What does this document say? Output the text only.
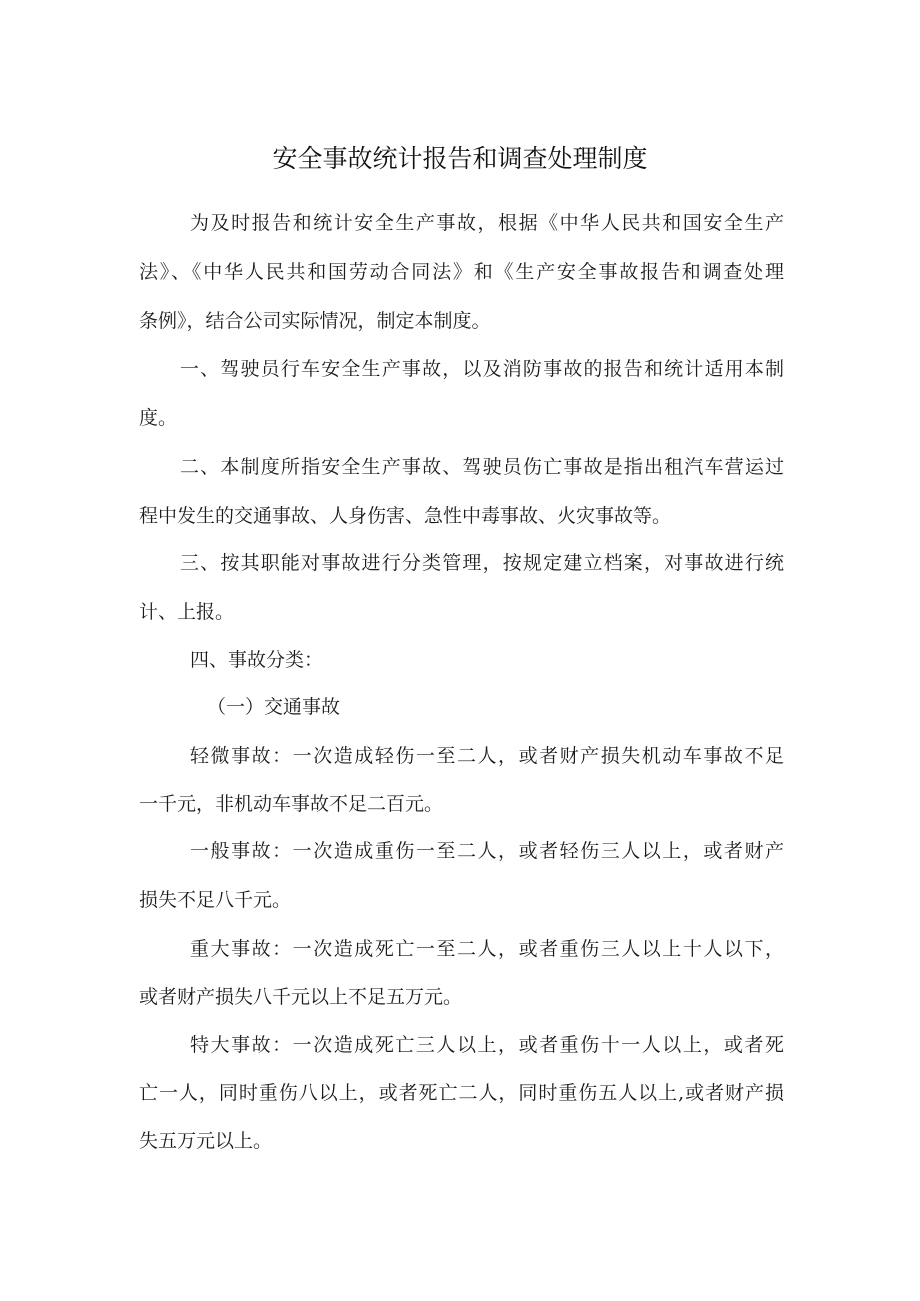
安全事故统计报告和调查处理制度

为及时报告和统计安全生产事故，根据《中华人民共和国安全生产

法》、《中华人民共和国劳动合同法》和《生产安全事故报告和调查处理

条例》，结合公司实际情况，制定本制度。

一、驾驶员行车安全生产事故，以及消防事故的报告和统计适用本制

度。

二、本制度所指安全生产事故、驾驶员伤亡事故是指出租汽车营运过

程中发生的交通事故、人身伤害、急性中毒事故、火灾事故等。

三、按其职能对事故进行分类管理，按规定建立档案，对事故进行统

计、上报。

四、事故分类：

（一）交通事故

轻微事故：一次造成轻伤一至二人，或者财产损失机动车事故不足

一千元，非机动车事故不足二百元。

一般事故：一次造成重伤一至二人，或者轻伤三人以上，或者财产

损失不足八千元。

重大事故：一次造成死亡一至二人，或者重伤三人以上十人以下，

或者财产损失八千元以上不足五万元。

特大事故：一次造成死亡三人以上，或者重伤十一人以上，或者死

亡一人，同时重伤八以上，或者死亡二人，同时重伤五人以上,或者财产损

失五万元以上。
